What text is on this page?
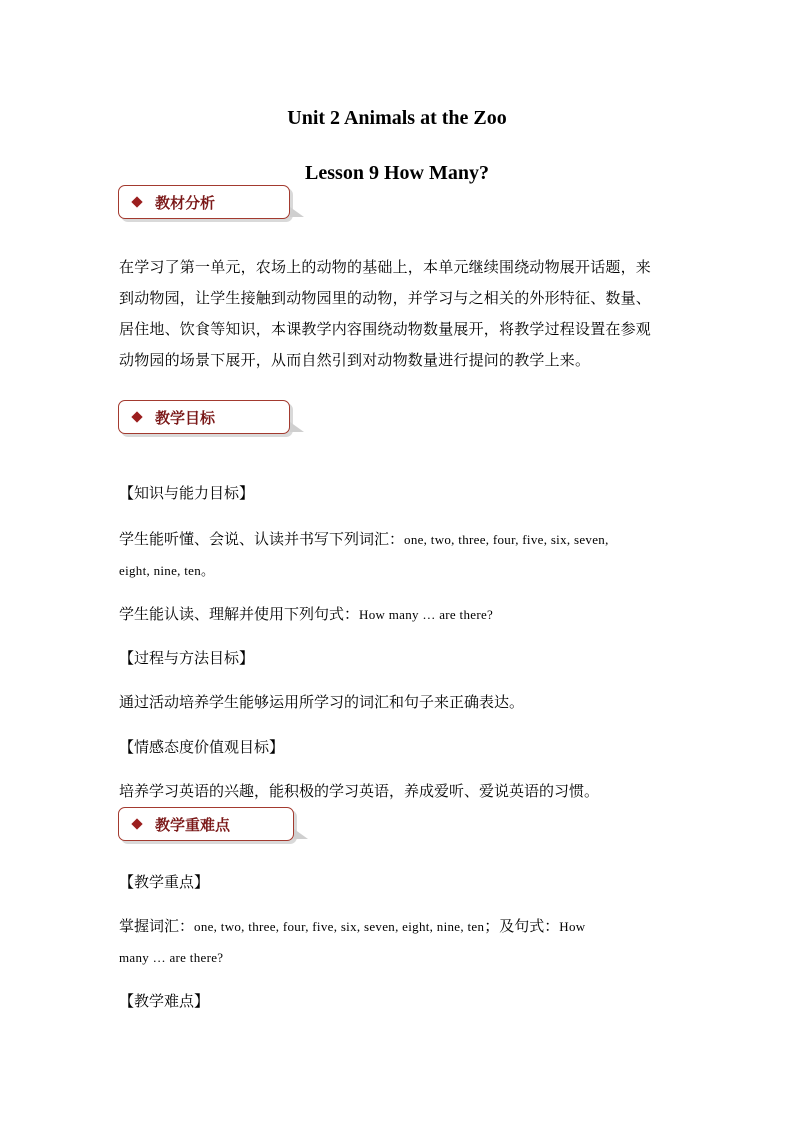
Unit 2 Animals at the Zoo
Lesson 9 How Many?
教材分析
在学习了第一单元，农场上的动物的基础上，本单元继续围绕动物展开话题，来
到动物园，让学生接触到动物园里的动物，并学习与之相关的外形特征、数量、
居住地、饮食等知识，本课教学内容围绕动物数量展开，将教学过程设置在参观
动物园的场景下展开，从而自然引到对动物数量进行提问的教学上来。
教学目标
【知识与能力目标】
学生能听懂、会说、认读并书写下列词汇：one, two, three, four, five, six, seven,
eight, nine, ten。
学生能认读、理解并使用下列句式：How many … are there?
【过程与方法目标】
通过活动培养学生能够运用所学习的词汇和句子来正确表达。
【情感态度价值观目标】
培养学习英语的兴趣，能积极的学习英语，养成爱听、爱说英语的习惯。
教学重难点
【教学重点】
掌握词汇：one, two, three, four, five, six, seven, eight, nine, ten；及句式：How
many … are there?
【教学难点】
